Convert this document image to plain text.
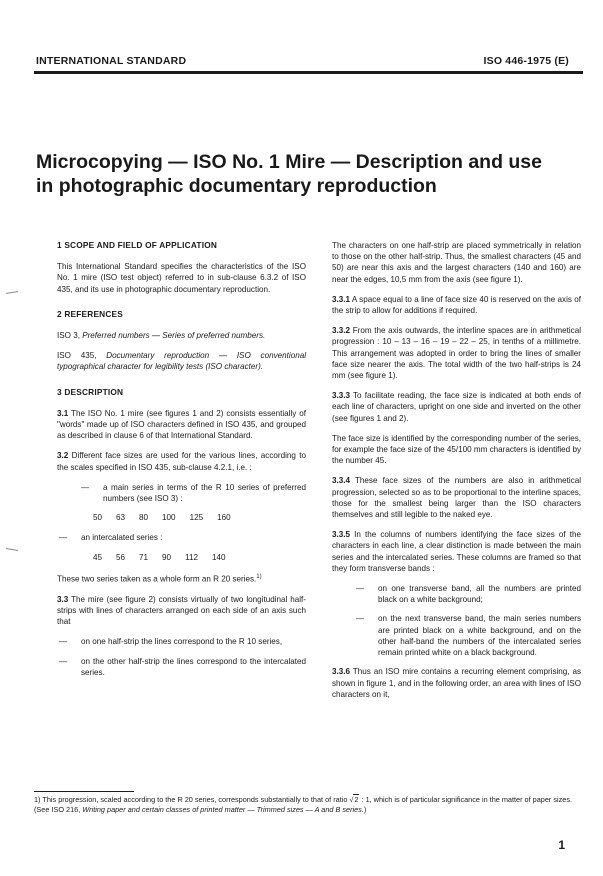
INTERNATIONAL STANDARD	ISO 446-1975 (E)
Microcopying — ISO No. 1 Mire — Description and use
in photographic documentary reproduction
1 SCOPE AND FIELD OF APPLICATION

This International Standard specifies the characteristics of the ISO No. 1 mire (ISO test object) referred to in sub-clause 6.3.2 of ISO 435, and its use in photographic documentary reproduction.

2 REFERENCES

ISO 3, Preferred numbers — Series of preferred numbers.

ISO 435, Documentary reproduction — ISO conventional typographical character for legibility tests (ISO character).

3 DESCRIPTION

3.1 The ISO No. 1 mire (see figures 1 and 2) consists essentially of "words" made up of ISO characters defined in ISO 435, and grouped as described in clause 6 of that International Standard.

3.2 Different face sizes are used for the various lines, according to the scales specified in ISO 435, sub-clause 4.2.1, i.e. :

—	a main series in terms of the R 10 series of preferred numbers (see ISO 3) :
50 63 80 100 125 160
—	an intercalated series :
45 56 71 90 112 140

These two series taken as a whole form an R 20 series.$^{1)}$

3.3 The mire (see figure 2) consists virtually of two longitudinal half-strips with lines of characters arranged on each side of an axis such that

—	on one half-strip the lines correspond to the R 10 series,
—	on the other half-strip the lines correspond to the intercalated series.

The characters on one half-strip are placed symmetrically in relation to those on the other half-strip. Thus, the smallest characters (45 and 50) are near this axis and the largest characters (140 and 160) are near the edges, 10,5 mm from the axis (see figure 1).

3.3.1 A space equal to a line of face size 40 is reserved on the axis of the strip to allow for additions if required.

3.3.2 From the axis outwards, the interline spaces are in arithmetical progression : 10 – 13 – 16 – 19 – 22 – 25, in tenths of a millimetre. This arrangement was adopted in order to bring the lines of smaller face size nearer the axis. The total width of the two half-strips is 24 mm (see figure 1).

3.3.3 To facilitate reading, the face size is indicated at both ends of each line of characters, upright on one side and inverted on the other (see figures 1 and 2).

The face size is identified by the corresponding number of the series, for example the face size of the 45/100 mm characters is identified by the number 45.

3.3.4 These face sizes of the numbers are also in arithmetical progression, selected so as to be proportional to the interline spaces, those for the smallest being larger than the ISO characters themselves and still legible to the naked eye.

3.3.5 In the columns of numbers identifying the face sizes of the characters in each line, a clear distinction is made between the main series and the intercalated series. These columns are framed so that they form transverse bands :

—	on one transverse band, all the numbers are printed black on a white background;
—	on the next transverse band, the main series numbers are printed black on a white background, and on the other half-band the numbers of the intercalated series remain printed white on a black background.

3.3.6 Thus an ISO mire contains a recurring element comprising, as shown in figure 1, and in the following order, an area with lines of ISO characters on it,

1) This progression, scaled according to the R 20 series, corresponds substantially to that of ratio √2 : 1, which is of particular significance in the matter of paper sizes. (See ISO 216, Writing paper and certain classes of printed matter — Trimmed sizes — A and B series.)
1
